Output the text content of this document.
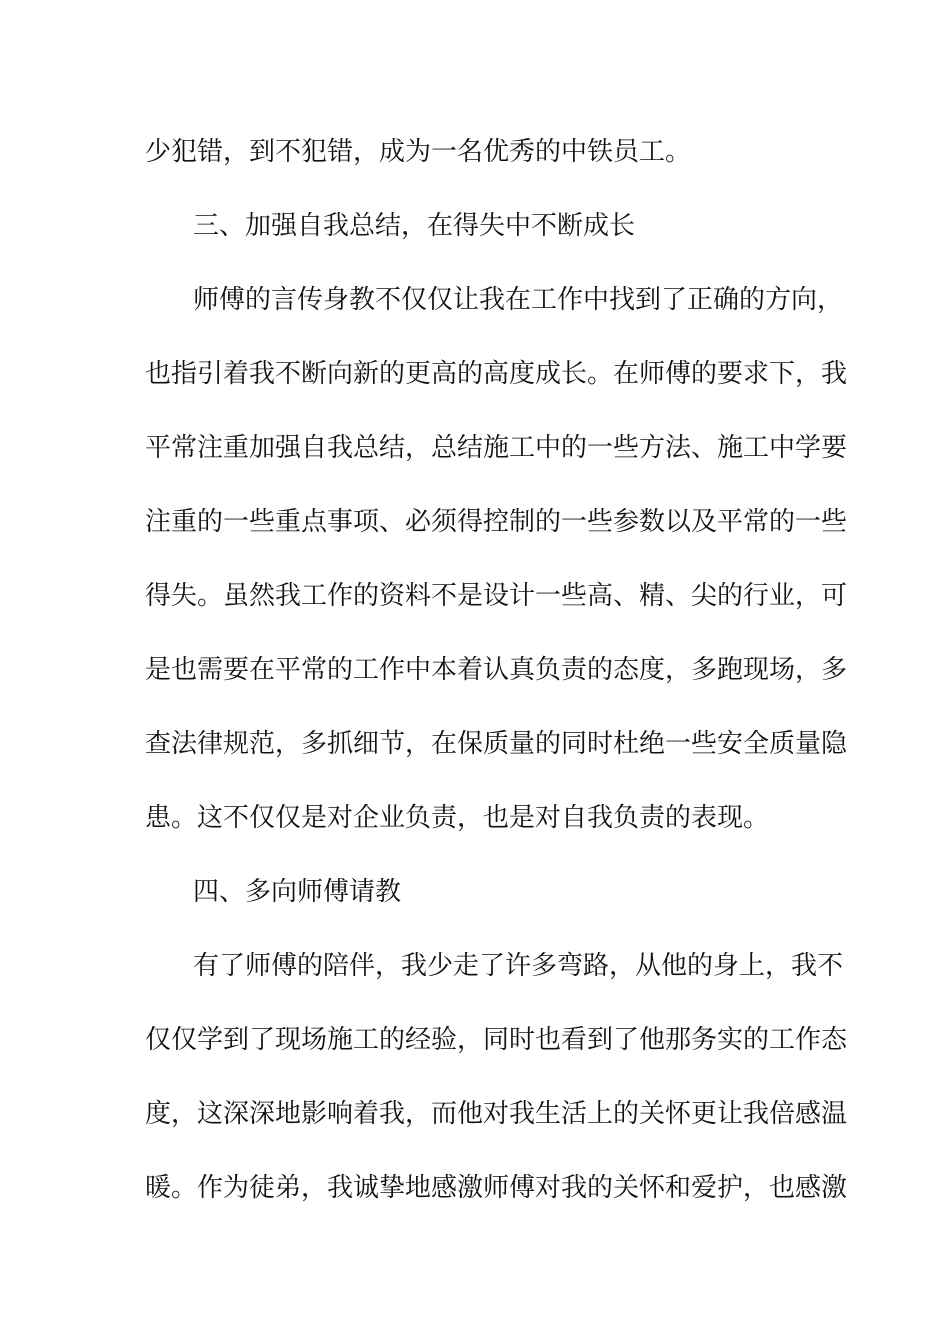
少犯错，到不犯错，成为一名优秀的中铁员工。
三、加强自我总结，在得失中不断成长
师傅的言传身教不仅仅让我在工作中找到了正确的方向，
也指引着我不断向新的更高的高度成长。在师傅的要求下，我
平常注重加强自我总结，总结施工中的一些方法、施工中学要
注重的一些重点事项、必须得控制的一些参数以及平常的一些
得失。虽然我工作的资料不是设计一些高、精、尖的行业，可
是也需要在平常的工作中本着认真负责的态度，多跑现场，多
查法律规范，多抓细节，在保质量的同时杜绝一些安全质量隐
患。这不仅仅是对企业负责，也是对自我负责的表现。
四、多向师傅请教
有了师傅的陪伴，我少走了许多弯路，从他的身上，我不
仅仅学到了现场施工的经验，同时也看到了他那务实的工作态
度，这深深地影响着我，而他对我生活上的关怀更让我倍感温
暖。作为徒弟，我诚挚地感激师傅对我的关怀和爱护，也感激
